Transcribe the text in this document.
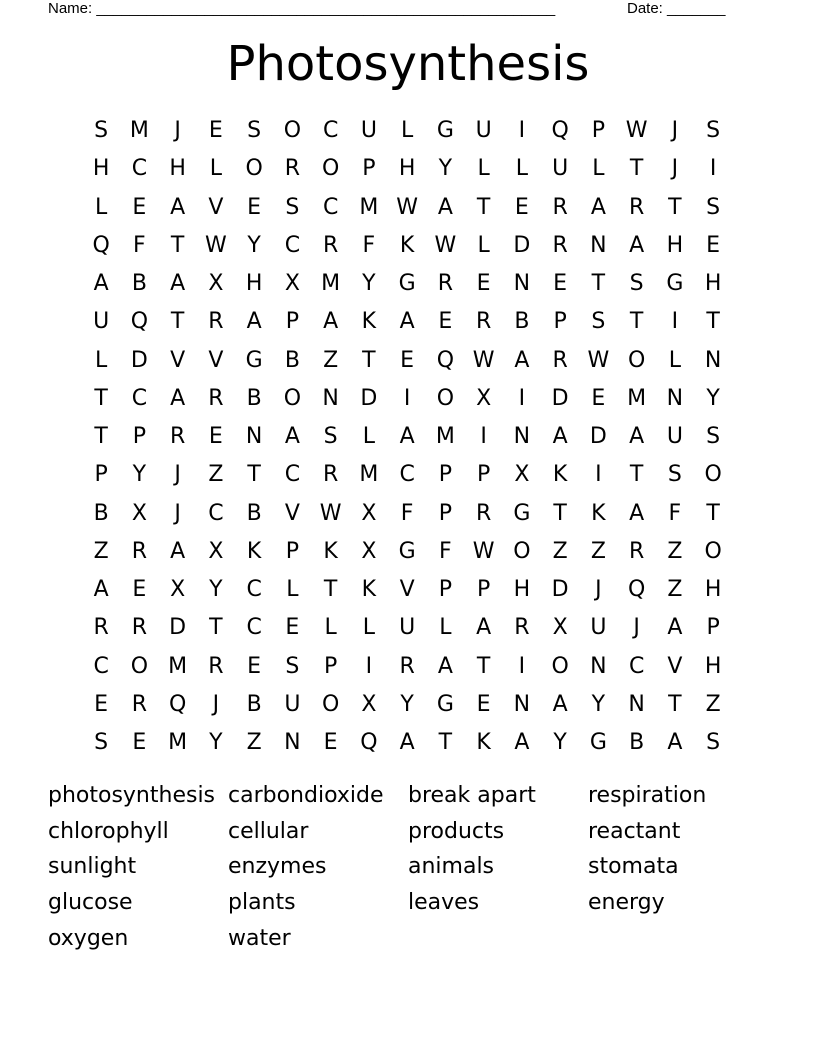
Name: _______________________________________________________	Date: _______
Photosynthesis
S M	J	E	S	O C	U	L	G U	I	Q	P W	J	S
H	C	H	L	O R O	P	H	Y	L	L	U	L	T	J	I
L	E	A	V	E	S	C M W A	T	E	R	A	R	T	S
Q	F	T W Y	C	R	F	K W L	D	R	N	A	H	E
A	B	A	X	H	X M	Y	G	R	E	N	E	T	S	G H
U Q	T	R	A	P	A	K	A	E	R	B	P	S	T	I	T
L	D	V	V	G	B	Z	T	E	Q W A	R W O	L	N
T	C	A	R	B	O N D	I	O	X	I	D	E M N	Y
T	P	R	E	N	A	S	L	A M	I	N	A	D	A	U	S
P	Y	J	Z	T	C	R M C	P	P	X	K	I	T	S	O
B	X	J	C	B	V W X	F	P	R	G	T	K	A	F	T
Z	R	A	X	K	P	K	X	G	F W O	Z	Z	R	Z	O
A	E	X	Y	C	L	T	K	V	P	P	H D	J	Q	Z	H
R	R	D	T	C	E	L	L	U	L	A	R	X	U	J	A	P
C O M R	E	S	P	I	R	A	T	I	O N	C	V	H
E	R Q	J	B	U O	X	Y	G	E	N	A	Y	N	T	Z
S	E M	Y	Z	N	E	Q	A	T	K	A	Y	G	B	A	S
photosynthesis carbondioxide	break apart	respiration
chlorophyll	cellular	products	reactant
sunlight	enzymes	animals	stomata
glucose	plants	leaves	energy
oxygen	water
